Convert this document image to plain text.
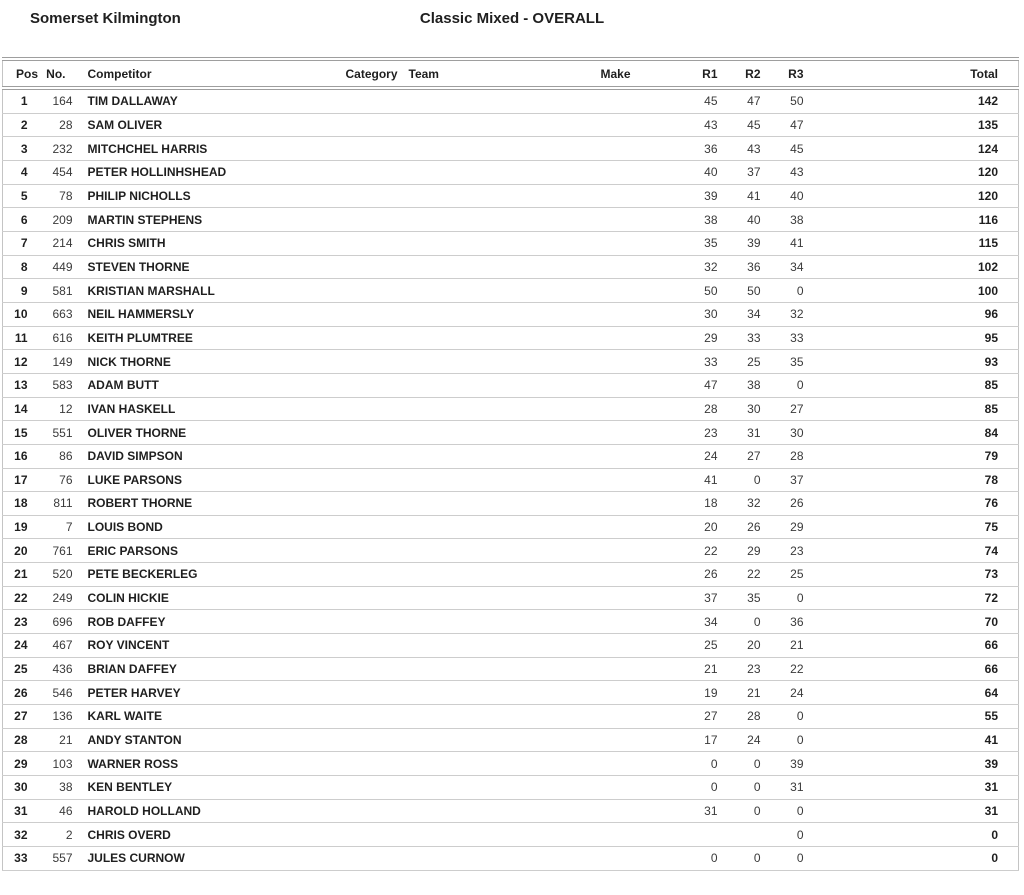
Somerset Kilmington	Classic Mixed - OVERALL
Pos	No.	Competitor	Category	Team	Make	R1	R2	R3	Total
1	164	TIM DALLAWAY				45	47	50	142
2	28	SAM OLIVER				43	45	47	135
3	232	MITCHCHEL HARRIS				36	43	45	124
4	454	PETER HOLLINHSHEAD				40	37	43	120
5	78	PHILIP NICHOLLS				39	41	40	120
6	209	MARTIN STEPHENS				38	40	38	116
7	214	CHRIS SMITH				35	39	41	115
8	449	STEVEN THORNE				32	36	34	102
9	581	KRISTIAN MARSHALL				50	50	0	100
10	663	NEIL HAMMERSLY				30	34	32	96
11	616	KEITH PLUMTREE				29	33	33	95
12	149	NICK THORNE				33	25	35	93
13	583	ADAM BUTT				47	38	0	85
14	12	IVAN HASKELL				28	30	27	85
15	551	OLIVER THORNE				23	31	30	84
16	86	DAVID SIMPSON				24	27	28	79
17	76	LUKE PARSONS				41	0	37	78
18	811	ROBERT THORNE				18	32	26	76
19	7	LOUIS BOND				20	26	29	75
20	761	ERIC PARSONS				22	29	23	74
21	520	PETE BECKERLEG				26	22	25	73
22	249	COLIN HICKIE				37	35	0	72
23	696	ROB DAFFEY				34	0	36	70
24	467	ROY VINCENT				25	20	21	66
25	436	BRIAN DAFFEY				21	23	22	66
26	546	PETER HARVEY				19	21	24	64
27	136	KARL WAITE				27	28	0	55
28	21	ANDY STANTON				17	24	0	41
29	103	WARNER ROSS				0	0	39	39
30	38	KEN BENTLEY				0	0	31	31
31	46	HAROLD HOLLAND				31	0	0	31
32	2	CHRIS OVERD						0	0
33	557	JULES CURNOW				0	0	0	0
